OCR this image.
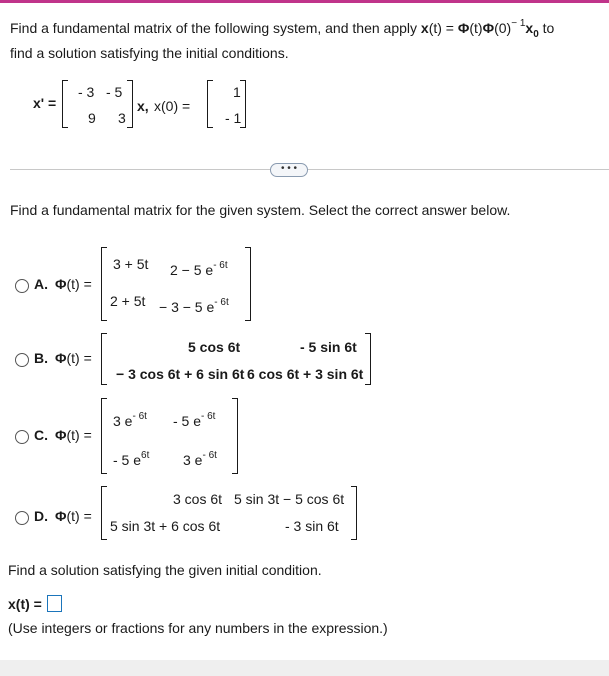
Find a fundamental matrix of the following system, and then apply $x(t) = \Phi(t)\Phi(0)^{- 1}x_0$ to
find a solution satisfying the initial conditions.
x' =
- 3 - 5
9 3
x, x(0) =
1
- 1
• • •
Find a fundamental matrix for the given system. Select the correct answer below.
A. Φ(t) =
3 + 5t 2 − 5 $e^{- 6t}$
2 + 5t − 3 − 5 $e^{- 6t}$
B. Φ(t) =
5 cos 6t	- 5 sin 6t
− 3 cos 6t + 6 sin 6t 6 cos 6t + 3 sin 6t
C. Φ(t) =
3 $e^{- 6t} - 5$ $e^{- 6t}$
- 5 $e^{6t}$ 3 $e^{- 6t}$
D. Φ(t) =
3 cos 6t 5 sin 3t − 5 cos 6t
5 sin 3t + 6 cos 6t	- 3 sin 6t
Find a solution satisfying the given initial condition.
x(t) =
(Use integers or fractions for any numbers in the expression.)
